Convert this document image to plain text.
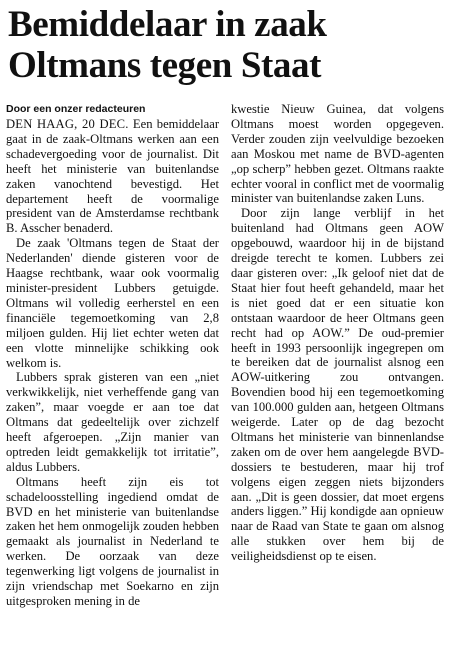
Bemiddelaar in zaak
Oltmans tegen Staat
Door een onzer redacteuren

DEN HAAG, 20 DEC. Een bemiddelaar gaat in de zaak-Oltmans werken aan een schadevergoeding voor de journalist. Dit heeft het ministerie van buitenlandse zaken vanochtend bevestigd. Het departement heeft de voormalige president van de Amsterdamse rechtbank B. Asscher benaderd.

De zaak 'Oltmans tegen de Staat der Nederlanden' diende gisteren voor de Haagse rechtbank, waar ook voormalig minister-president Lubbers getuigde. Oltmans wil volledig eerherstel en een financiële tegemoetkoming van 2,8 miljoen gulden. Hij liet echter weten dat een vlotte minnelijke schikking ook welkom is.

Lubbers sprak gisteren van een „niet verkwikkelijk, niet verheffende gang van zaken”, maar voegde er aan toe dat Oltmans dat gedeeltelijk over zichzelf heeft afgeroepen. „Zijn manier van optreden leidt gemakkelijk tot irritatie”, aldus Lubbers.

Oltmans heeft zijn eis tot schadeloosstelling ingediend omdat de BVD en het ministerie van buitenlandse zaken het hem onmogelijk zouden hebben gemaakt als journalist in Nederland te werken. De oorzaak van deze tegenwerking ligt volgens de journalist in zijn vriendschap met Soekarno en zijn uitgesproken mening in de

kwestie Nieuw Guinea, dat volgens Oltmans moest worden opgegeven. Verder zouden zijn veelvuldige bezoeken aan Moskou met name de BVD-agenten „op scherp” hebben gezet. Oltmans raakte echter vooral in conflict met de voormalig minister van buitenlandse zaken Luns.

Door zijn lange verblijf in het buitenland had Oltmans geen AOW opgebouwd, waardoor hij in de bijstand dreigde terecht te komen. Lubbers zei daar gisteren over: „Ik geloof niet dat de Staat hier fout heeft gehandeld, maar het is niet goed dat er een situatie kon ontstaan waardoor de heer Oltmans geen recht had op AOW.” De oud-premier heeft in 1993 persoonlijk ingegrepen om te bereiken dat de journalist alsnog een AOW-uitkering zou ontvangen. Bovendien bood hij een tegemoetkoming van 100.000 gulden aan, hetgeen Oltmans weigerde. Later op de dag bezocht Oltmans het ministerie van binnenlandse zaken om de over hem aangelegde BVD-dossiers te bestuderen, maar hij trof volgens eigen zeggen niets bijzonders aan. „Dit is geen dossier, dat moet ergens anders liggen.” Hij kondigde aan opnieuw naar de Raad van State te gaan om alsnog alle stukken over hem bij de veiligheidsdienst op te eisen.
